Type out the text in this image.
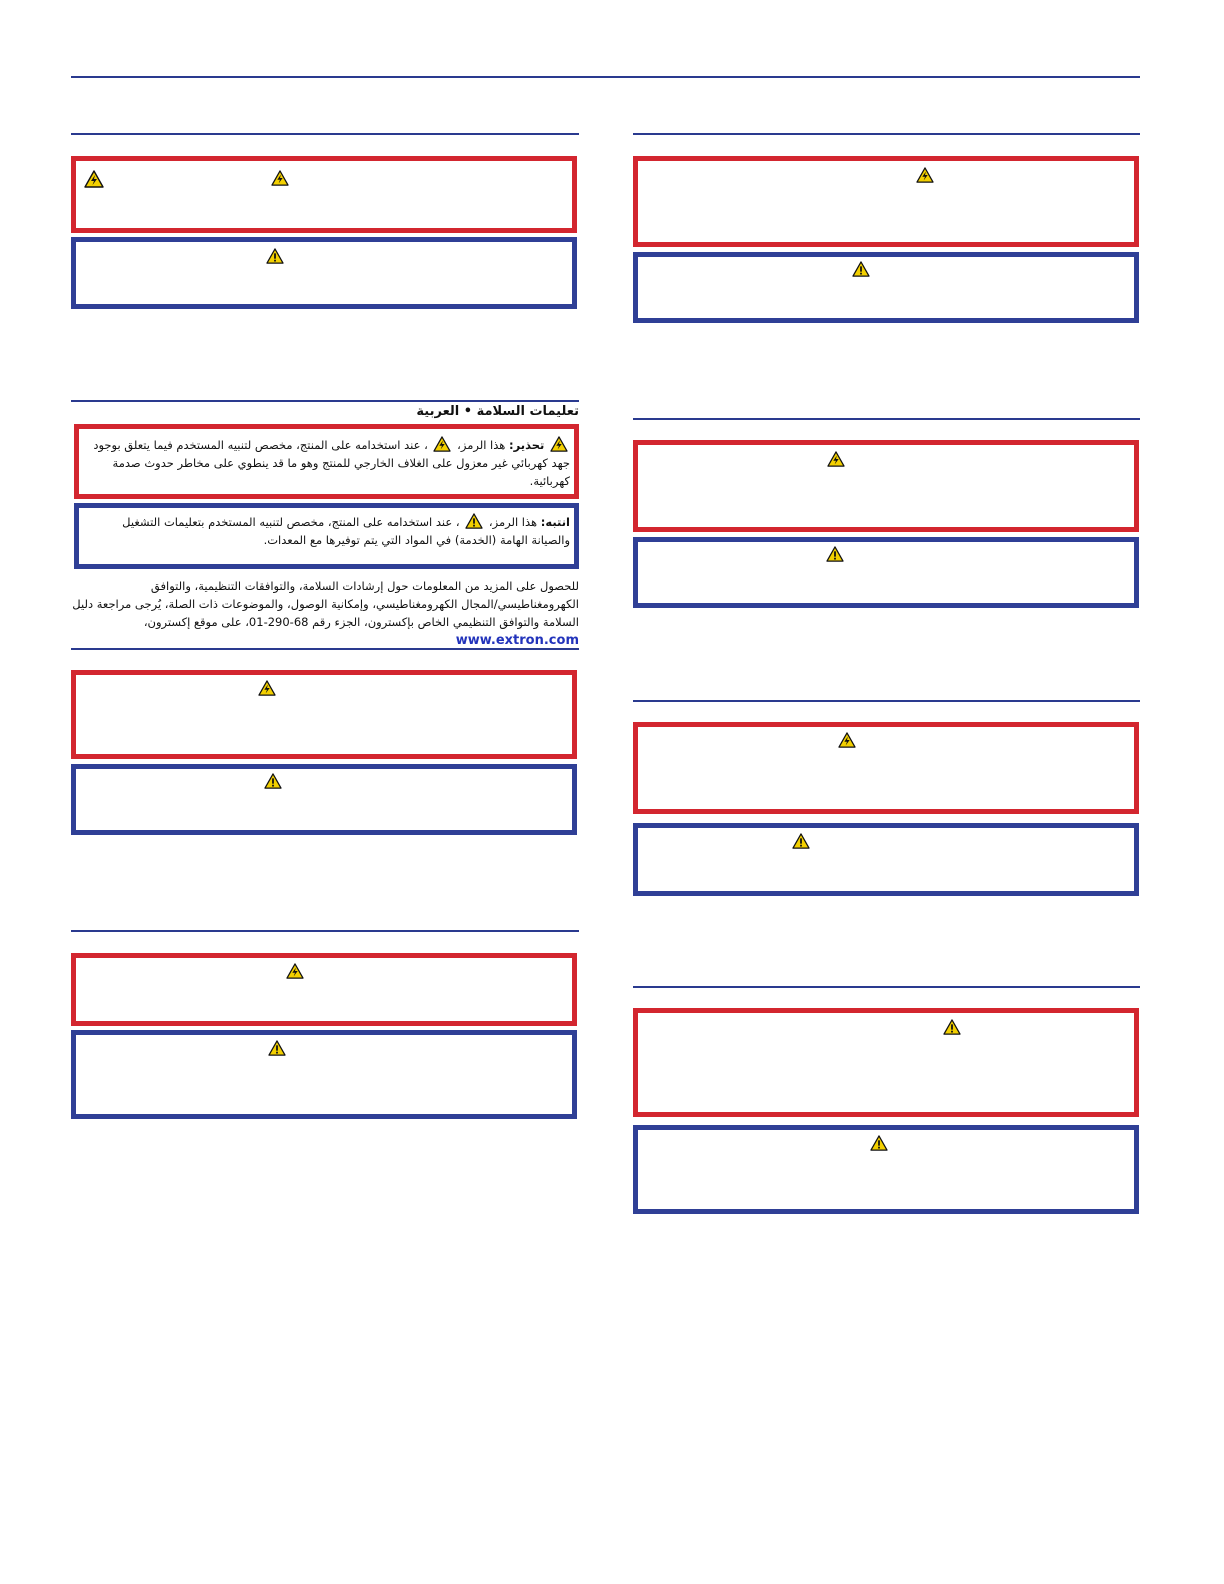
تعليمات السلامة • العربية
تحذير: هذا الرمز،
، عند استخدامه على المنتج، مخصص لتنبيه المستخدم فيما يتعلق بوجود جهد كهربائي غير معزول على الغلاف الخارجي للمنتج وهو ما قد ينطوي على مخاطر حدوث صدمة كهربائية.
انتبه: هذا الرمز،
، عند استخدامه على المنتج، مخصص لتنبيه المستخدم بتعليمات التشغيل والصيانة الهامة (الخدمة) في المواد التي يتم توفيرها مع المعدات.
للحصول على المزيد من المعلومات حول إرشادات السلامة، والتوافقات التنظيمية، والتوافق الكهرومغناطيسي/المجال الكهرومغناطيسي، وإمكانية الوصول، والموضوعات ذات الصلة، يُرجى مراجعة دليل السلامة والتوافق التنظيمي الخاص بإكسترون، الجزء رقم 68-290-01، على موقع إكسترون، www.extron.com
